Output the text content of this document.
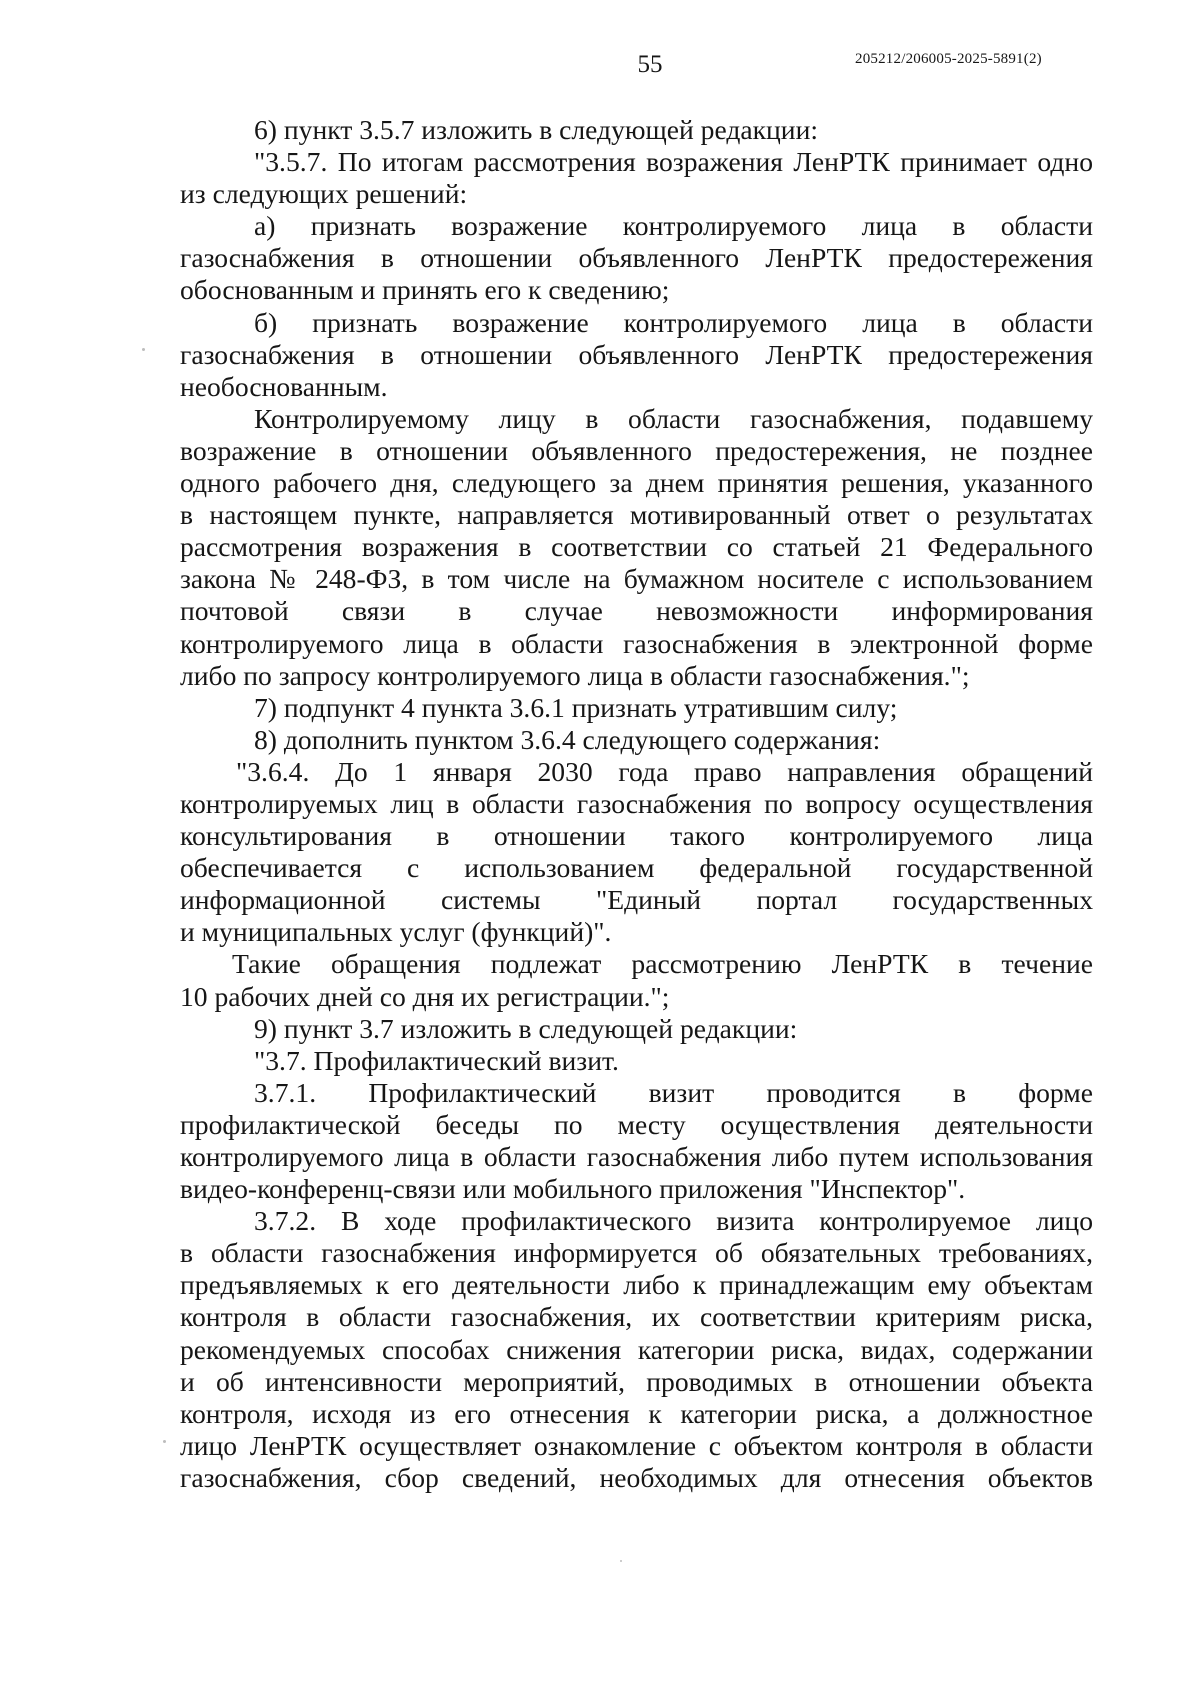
55	205212/206005-2025-5891(2)
6) пункт 3.5.7 изложить в следующей редакции:
"3.5.7. По итогам рассмотрения возражения ЛенРТК принимает одно
из следующих решений:
а) признать возражение контролируемого лица в области
газоснабжения в отношении объявленного ЛенРТК предостережения
обоснованным и принять его к сведению;
б) признать возражение контролируемого лица в области
газоснабжения в отношении объявленного ЛенРТК предостережения
необоснованным.
Контролируемому лицу в области газоснабжения, подавшему
возражение в отношении объявленного предостережения, не позднее
одного рабочего дня, следующего за днем принятия решения, указанного
в настоящем пункте, направляется мотивированный ответ о результатах
рассмотрения возражения в соответствии со статьей 21 Федерального
закона № 248-ФЗ, в том числе на бумажном носителе с использованием
почтовой связи в случае невозможности информирования
контролируемого лица в области газоснабжения в электронной форме
либо по запросу контролируемого лица в области газоснабжения.";
7) подпункт 4 пункта 3.6.1 признать утратившим силу;
8) дополнить пунктом 3.6.4 следующего содержания:
"3.6.4. До 1 января 2030 года право направления обращений
контролируемых лиц в области газоснабжения по вопросу осуществления
консультирования в отношении такого контролируемого лица
обеспечивается с использованием федеральной государственной
информационной системы "Единый портал государственных
и муниципальных услуг (функций)".
Такие обращения подлежат рассмотрению ЛенРТК в течение
10 рабочих дней со дня их регистрации.";
9) пункт 3.7 изложить в следующей редакции:
"3.7. Профилактический визит.
3.7.1. Профилактический визит проводится в форме
профилактической беседы по месту осуществления деятельности
контролируемого лица в области газоснабжения либо путем использования
видео-конференц-связи или мобильного приложения "Инспектор".
3.7.2. В ходе профилактического визита контролируемое лицо
в области газоснабжения информируется об обязательных требованиях,
предъявляемых к его деятельности либо к принадлежащим ему объектам
контроля в области газоснабжения, их соответствии критериям риска,
рекомендуемых способах снижения категории риска, видах, содержании
и об интенсивности мероприятий, проводимых в отношении объекта
контроля, исходя из его отнесения к категории риска, а должностное
лицо ЛенРТК осуществляет ознакомление с объектом контроля в области
газоснабжения, сбор сведений, необходимых для отнесения объектов
